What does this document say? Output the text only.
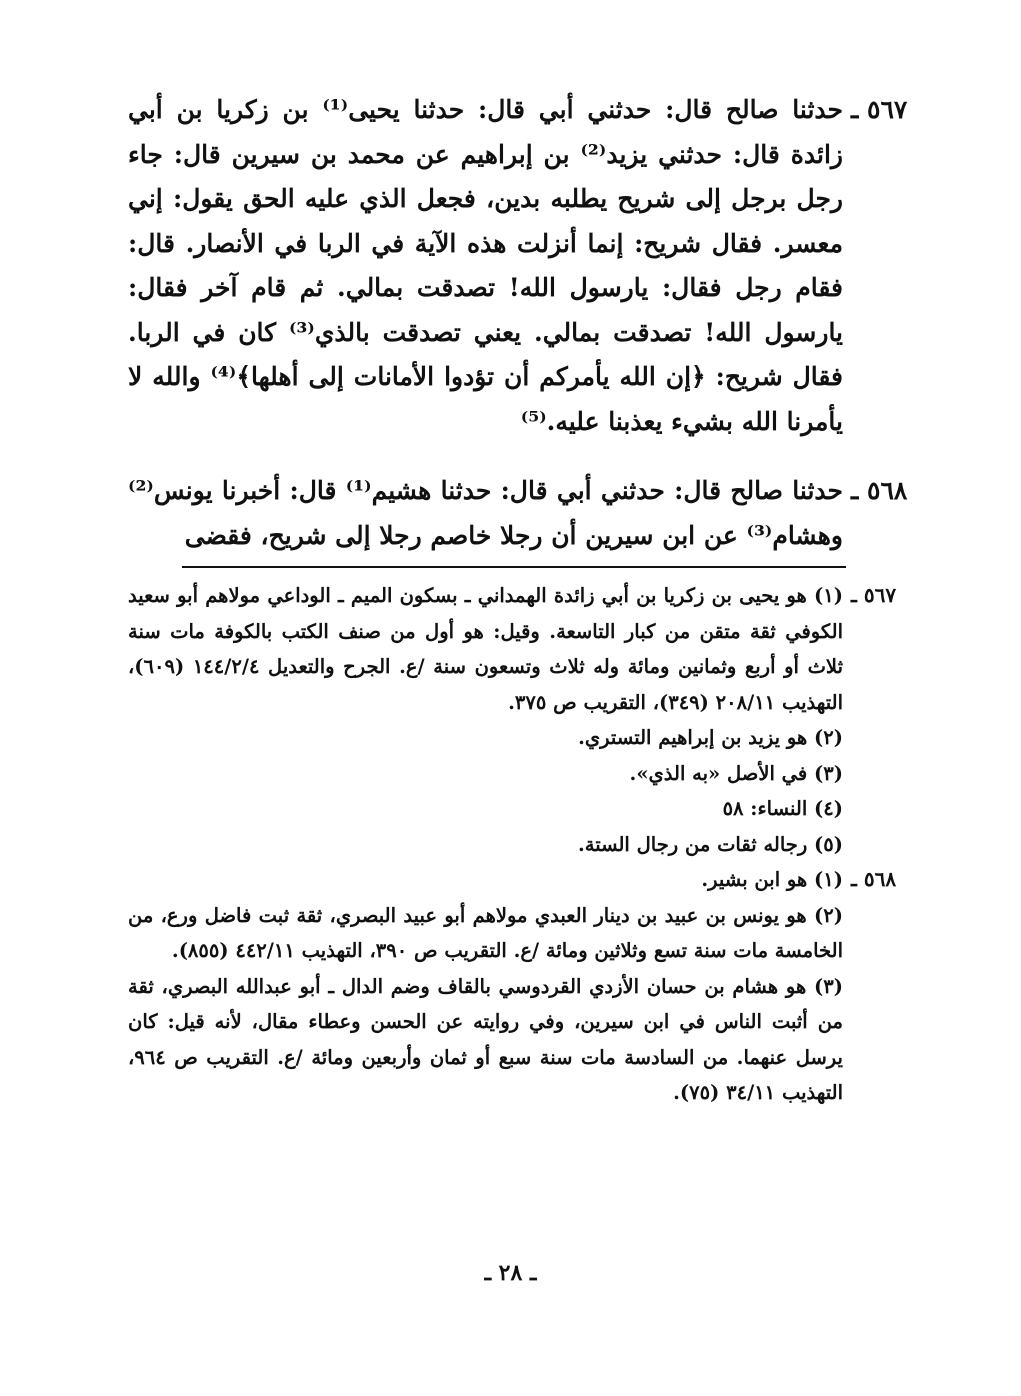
٥٦٧ ـ

حدثنا صالح قال: حدثني أبي قال: حدثنا يحيى⁽¹⁾ بن زكريا بن أبي زائدة قال: حدثني يزيد⁽²⁾ بن إبراهيم عن محمد بن سيرين قال: جاء رجل برجل إلى شريح يطلبه بدين، فجعل الذي عليه الحق يقول: إني معسر. فقال شريح: إنما أنزلت هذه الآية في الربا في الأنصار. قال: فقام رجل فقال: يارسول الله! تصدقت بمالي. ثم قام آخر فقال: يارسول الله! تصدقت بمالي. يعني تصدقت بالذي⁽³⁾ كان في الربا. فقال شريح: ﴿إن الله يأمركم أن تؤدوا الأمانات إلى أهلها﴾⁽⁴⁾ والله لا يأمرنا الله بشيء يعذبنا عليه.⁽⁵⁾

٥٦٨ ـ

حدثنا صالح قال: حدثني أبي قال: حدثنا هشيم⁽¹⁾ قال: أخبرنا يونس⁽²⁾ وهشام⁽³⁾ عن ابن سيرين أن رجلا خاصم رجلا إلى شريح، فقضى

٥٦٧ ـ

(١) هو يحيى بن زكريا بن أبي زائدة الهمداني ـ بسكون الميم ـ الوداعي مولاهم أبو سعيد الكوفي ثقة متقن من كبار التاسعة. وقيل: هو أول من صنف الكتب بالكوفة مات سنة ثلاث أو أربع وثمانين ومائة وله ثلاث وتسعون سنة /ع. الجرح والتعديل ١٤٤/٢/٤ (٦٠٩)، التهذيب ٢٠٨/١١ (٣٤٩)، التقريب ص ٣٧٥.

(٢) هو يزيد بن إبراهيم التستري.

(٣) في الأصل «به الذي».

(٤) النساء: ٥٨

(٥) رجاله ثقات من رجال الستة.

٥٦٨ ـ

(١) هو ابن بشير.

(٢) هو يونس بن عبيد بن دينار العبدي مولاهم أبو عبيد البصري، ثقة ثبت فاضل ورع، من الخامسة مات سنة تسع وثلاثين ومائة /ع. التقريب ص ٣٩٠، التهذيب ٤٤٢/١١ (٨٥٥).

(٣) هو هشام بن حسان الأزدي القردوسي بالقاف وضم الدال ـ أبو عبدالله البصري، ثقة من أثبت الناس في ابن سيرين، وفي روايته عن الحسن وعطاء مقال، لأنه قيل: كان يرسل عنهما. من السادسة مات سنة سبع أو ثمان وأربعين ومائة /ع. التقريب ص ٩٦٤، التهذيب ٣٤/١١ (٧٥).

ـ ٢٨ ـ
